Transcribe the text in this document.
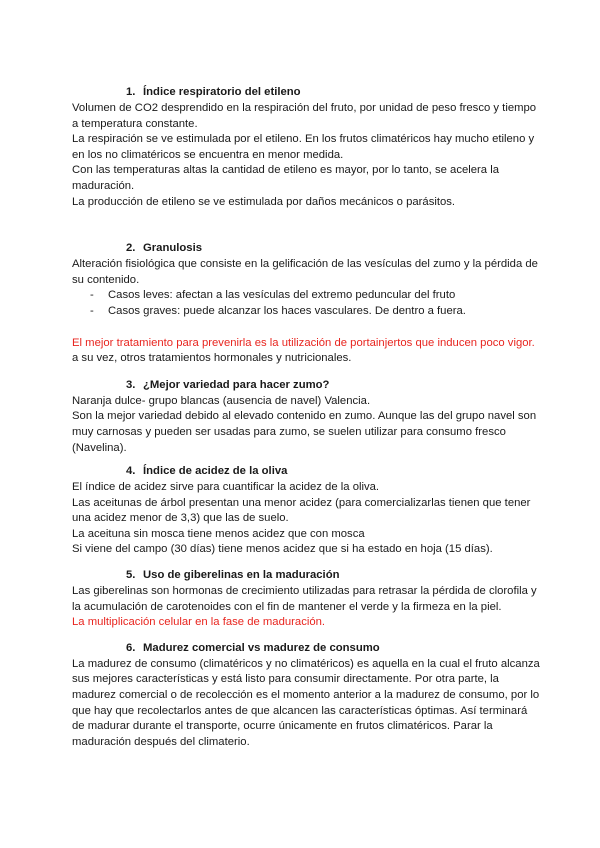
1. Índice respiratorio del etileno

Volumen de CO2 desprendido en la respiración del fruto, por unidad de peso fresco y tiempo a temperatura constante.

La respiración se ve estimulada por el etileno. En los frutos climatéricos hay mucho etileno y en los no climatéricos se encuentra en menor medida.

Con las temperaturas altas la cantidad de etileno es mayor, por lo tanto, se acelera la maduración.

La producción de etileno se ve estimulada por daños mecánicos o parásitos.

2. Granulosis

Alteración fisiológica que consiste en la gelificación de las vesículas del zumo y la pérdida de su contenido.

- Casos leves: afectan a las vesículas del extremo peduncular del fruto
- Casos graves: puede alcanzar los haces vasculares. De dentro a fuera.

El mejor tratamiento para prevenirla es la utilización de portainjertos que inducen poco vigor.

a su vez, otros tratamientos hormonales y nutricionales.

3. ¿Mejor variedad para hacer zumo?

Naranja dulce- grupo blancas (ausencia de navel) Valencia.

Son la mejor variedad debido al elevado contenido en zumo. Aunque las del grupo navel son muy carnosas y pueden ser usadas para zumo, se suelen utilizar para consumo fresco (Navelina).

4. Índice de acidez de la oliva

El índice de acidez sirve para cuantificar la acidez de la oliva.

Las aceitunas de árbol presentan una menor acidez (para comercializarlas tienen que tener una acidez menor de 3,3) que las de suelo.

La aceituna sin mosca tiene menos acidez que con mosca

Si viene del campo (30 días) tiene menos acidez que si ha estado en hoja (15 días).

5. Uso de giberelinas en la maduración

Las giberelinas son hormonas de crecimiento utilizadas para retrasar la pérdida de clorofila y la acumulación de carotenoides con el fin de mantener el verde y la firmeza en la piel.

La multiplicación celular en la fase de maduración.

6. Madurez comercial vs madurez de consumo

La madurez de consumo (climatéricos y no climatéricos) es aquella en la cual el fruto alcanza sus mejores características y está listo para consumir directamente. Por otra parte, la madurez comercial o de recolección es el momento anterior a la madurez de consumo, por lo que hay que recolectarlos antes de que alcancen las características óptimas. Así terminará de madurar durante el transporte, ocurre únicamente en frutos climatéricos. Parar la maduración después del climaterio.
